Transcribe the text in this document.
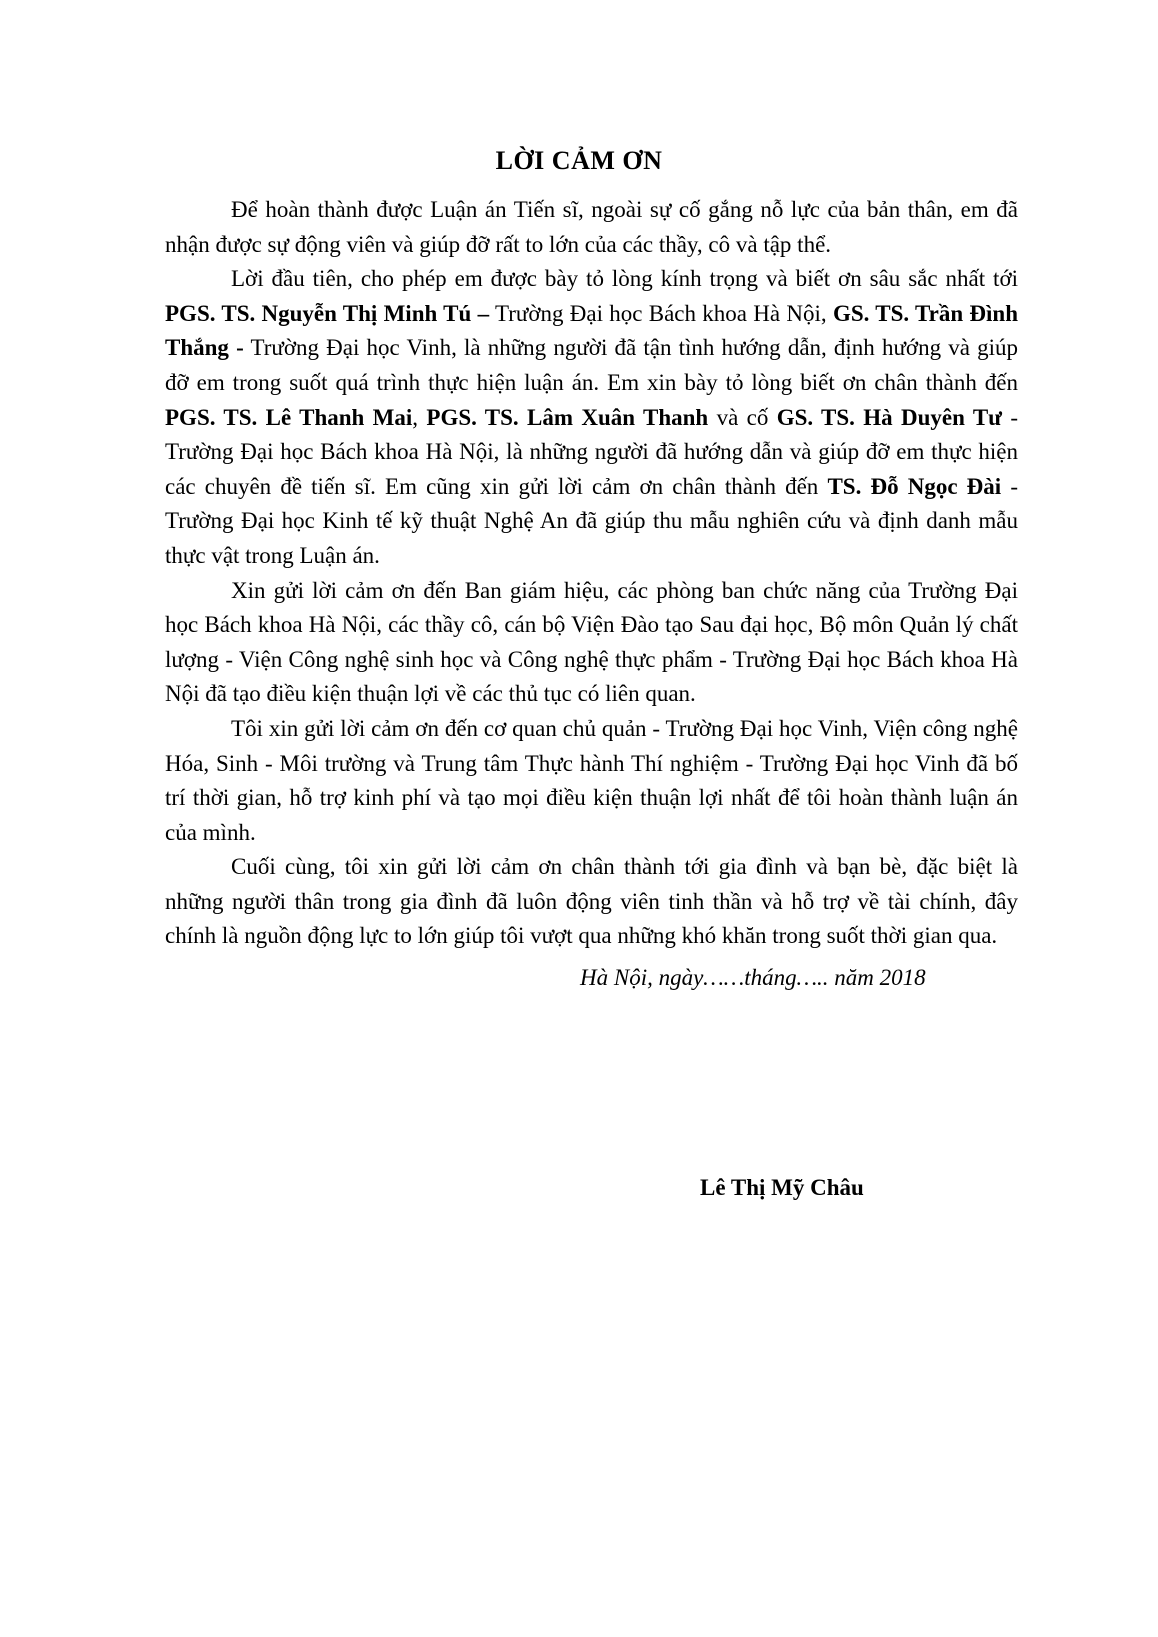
LỜI CẢM ƠN

Để hoàn thành được Luận án Tiến sĩ, ngoài sự cố gắng nỗ lực của bản thân, em đã nhận được sự động viên và giúp đỡ rất to lớn của các thầy, cô và tập thể.

Lời đầu tiên, cho phép em được bày tỏ lòng kính trọng và biết ơn sâu sắc nhất tới PGS. TS. Nguyễn Thị Minh Tú – Trường Đại học Bách khoa Hà Nội, GS. TS. Trần Đình Thắng - Trường Đại học Vinh, là những người đã tận tình hướng dẫn, định hướng và giúp đỡ em trong suốt quá trình thực hiện luận án. Em xin bày tỏ lòng biết ơn chân thành đến PGS. TS. Lê Thanh Mai, PGS. TS. Lâm Xuân Thanh và cố GS. TS. Hà Duyên Tư - Trường Đại học Bách khoa Hà Nội, là những người đã hướng dẫn và giúp đỡ em thực hiện các chuyên đề tiến sĩ. Em cũng xin gửi lời cảm ơn chân thành đến TS. Đỗ Ngọc Đài - Trường Đại học Kinh tế kỹ thuật Nghệ An đã giúp thu mẫu nghiên cứu và định danh mẫu thực vật trong Luận án.

Xin gửi lời cảm ơn đến Ban giám hiệu, các phòng ban chức năng của Trường Đại học Bách khoa Hà Nội, các thầy cô, cán bộ Viện Đào tạo Sau đại học, Bộ môn Quản lý chất lượng - Viện Công nghệ sinh học và Công nghệ thực phẩm - Trường Đại học Bách khoa Hà Nội đã tạo điều kiện thuận lợi về các thủ tục có liên quan.

Tôi xin gửi lời cảm ơn đến cơ quan chủ quản - Trường Đại học Vinh, Viện công nghệ Hóa, Sinh - Môi trường và Trung tâm Thực hành Thí nghiệm - Trường Đại học Vinh đã bố trí thời gian, hỗ trợ kinh phí và tạo mọi điều kiện thuận lợi nhất để tôi hoàn thành luận án của mình.

Cuối cùng, tôi xin gửi lời cảm ơn chân thành tới gia đình và bạn bè, đặc biệt là những người thân trong gia đình đã luôn động viên tinh thần và hỗ trợ về tài chính, đây chính là nguồn động lực to lớn giúp tôi vượt qua những khó khăn trong suốt thời gian qua.

Hà Nội, ngày……tháng….. năm 2018
Lê Thị Mỹ Châu
